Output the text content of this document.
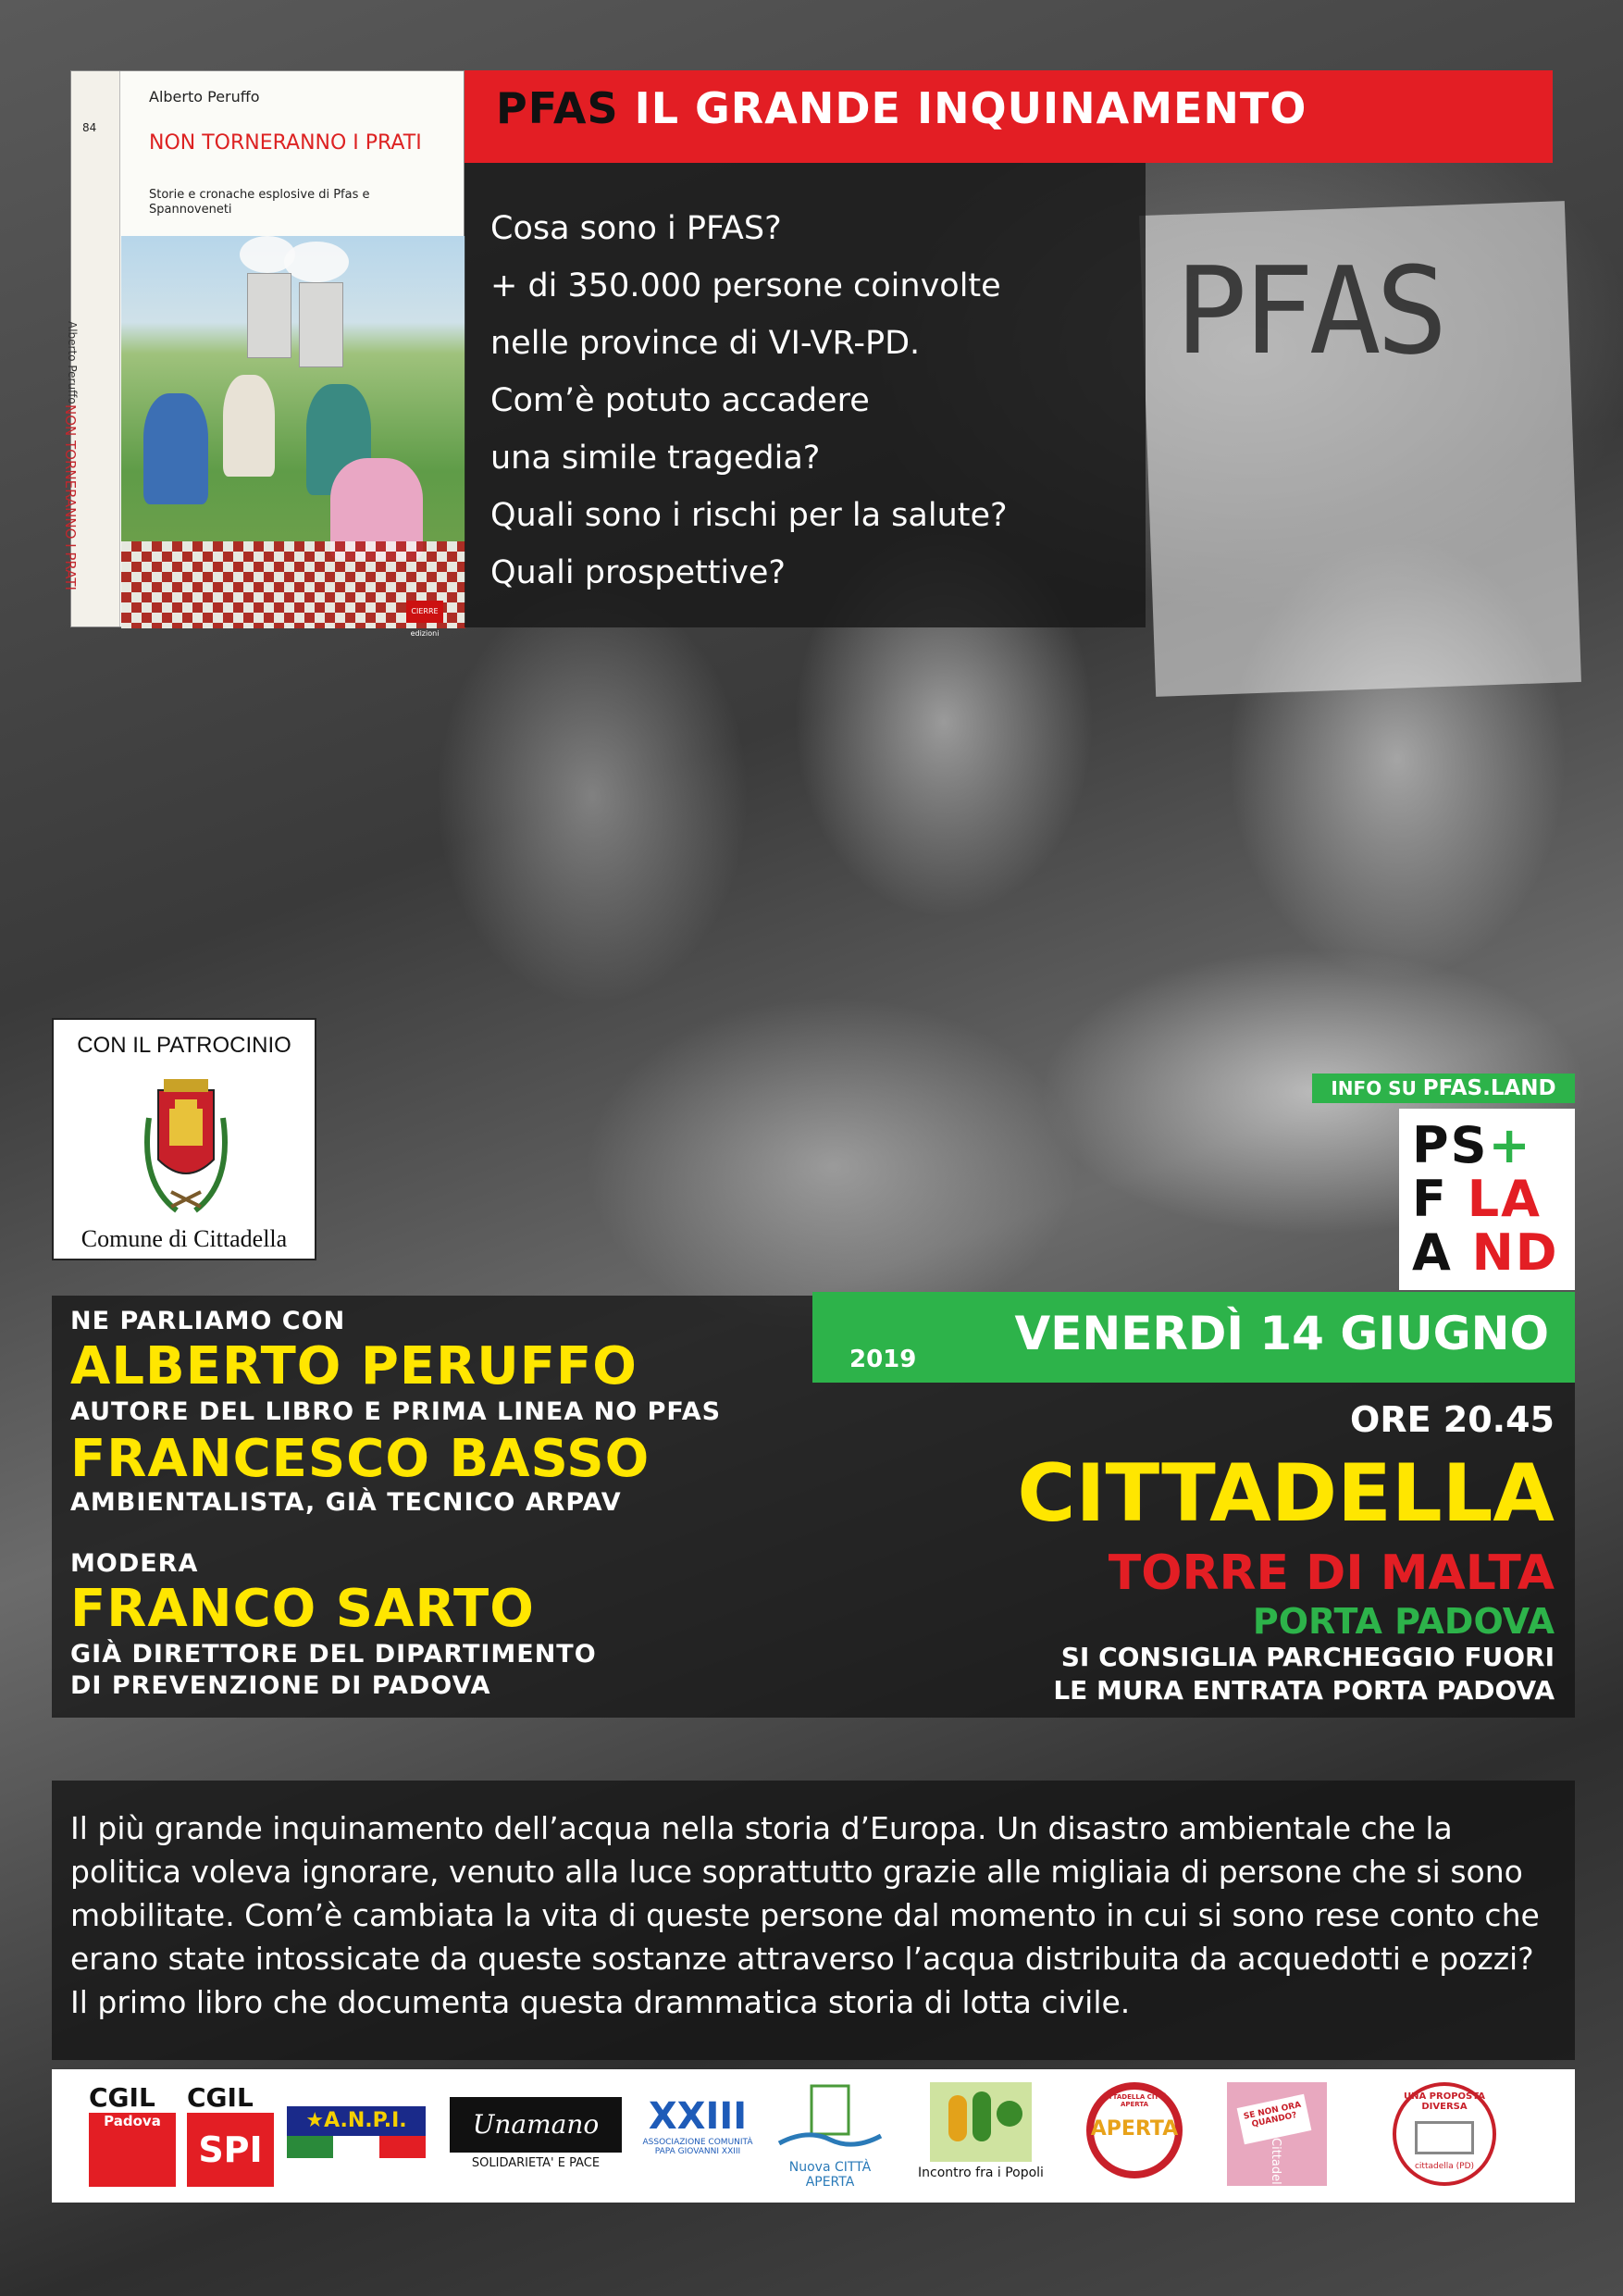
PFAS
84
Alberto Peruffo
NON TORNERANNO I PRATI
Alberto Peruffo
NON TORNERANNO I PRATI
Storie e cronache esplosive di Pfas e Spannoveneti
CIERRE edizioni
PFAS IL GRANDE INQUINAMENTO
Cosa sono i PFAS?
+ di 350.000 persone coinvolte
nelle province di VI-VR-PD.
Com’è potuto accadere
una simile tragedia?
Quali sono i rischi per la salute?
Quali prospettive?
CON IL PATROCINIO
Comune di Cittadella
INFO SU PFAS.LAND
PS+
F LA
A ND
NE PARLIAMO CON
ALBERTO PERUFFO
AUTORE DEL LIBRO E PRIMA LINEA NO PFAS
FRANCESCO BASSO
AMBIENTALISTA, GIÀ TECNICO ARPAV
MODERA
FRANCO SARTO
GIÀ DIRETTORE DEL DIPARTIMENTO
DI PREVENZIONE DI PADOVA
2019 VENERDÌ 14 GIUGNO
ORE 20.45
CITTADELLA
TORRE DI MALTA
PORTA PADOVA
SI CONSIGLIA PARCHEGGIO FUORI
LE MURA ENTRATA PORTA PADOVA
Il più grande inquinamento dell’acqua nella storia d’Europa. Un disastro ambientale che la politica voleva ignorare, venuto alla luce soprattutto grazie alle migliaia di persone che si sono mobilitate. Com’è cambiata la vita di queste persone dal momento in cui si sono rese conto che erano state intossicate da queste sostanze attraverso l’acqua distribuita da acquedotti e pozzi? Il primo libro che documenta questa drammatica storia di lotta civile.
CGIL
Padova
CGIL
SPI
★A.N.P.I.	Unamano
SOLIDARIETA' E PACE
XXIII
ASSOCIAZIONE COMUNITÀ PAPA GIOVANNI XXIII
Nuova CITTÀ APERTA
Incontro fra i Popoli
CITTADELLA CITTÀ APERTA
APERTA
SE NON ORA QUANDO?
Cittadella
UNA PROPOSTA DIVERSA
cittadella (PD)
